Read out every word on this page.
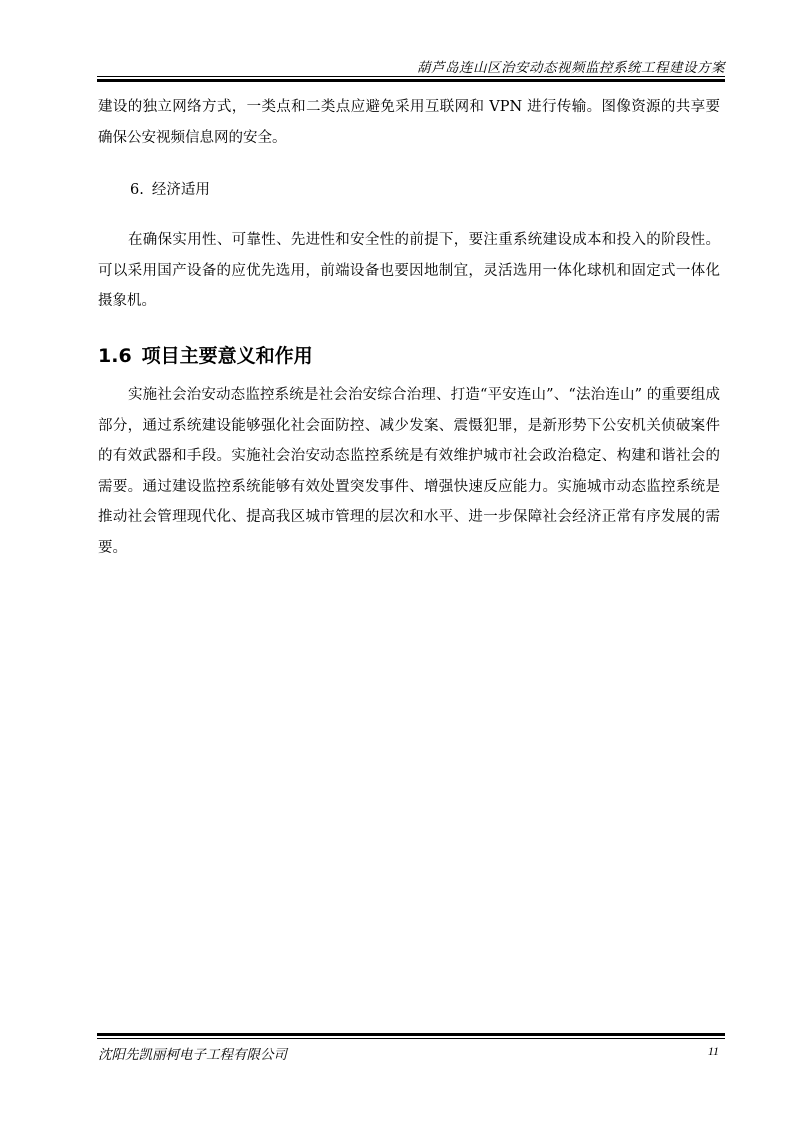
葫芦岛连山区治安动态视频监控系统工程建设方案

建设的独立网络方式，一类点和二类点应避免采用互联网和 VPN 进行传输。图像资源的共享要确保公安视频信息网的安全。

6. 经济适用

在确保实用性、可靠性、先进性和安全性的前提下，要注重系统建设成本和投入的阶段性。可以采用国产设备的应优先选用，前端设备也要因地制宜，灵活选用一体化球机和固定式一体化摄象机。

1.6 项目主要意义和作用

实施社会治安动态监控系统是社会治安综合治理、打造“平安连山”、“法治连山” 的重要组成部分，通过系统建设能够强化社会面防控、减少发案、震慑犯罪，是新形势下公安机关侦破案件的有效武器和手段。实施社会治安动态监控系统是有效维护城市社会政治稳定、构建和谐社会的需要。通过建设监控系统能够有效处置突发事件、增强快速反应能力。实施城市动态监控系统是推动社会管理现代化、提高我区城市管理的层次和水平、进一步保障社会经济正常有序发展的需要。

沈阳先凯丽柯电子工程有限公司	11
